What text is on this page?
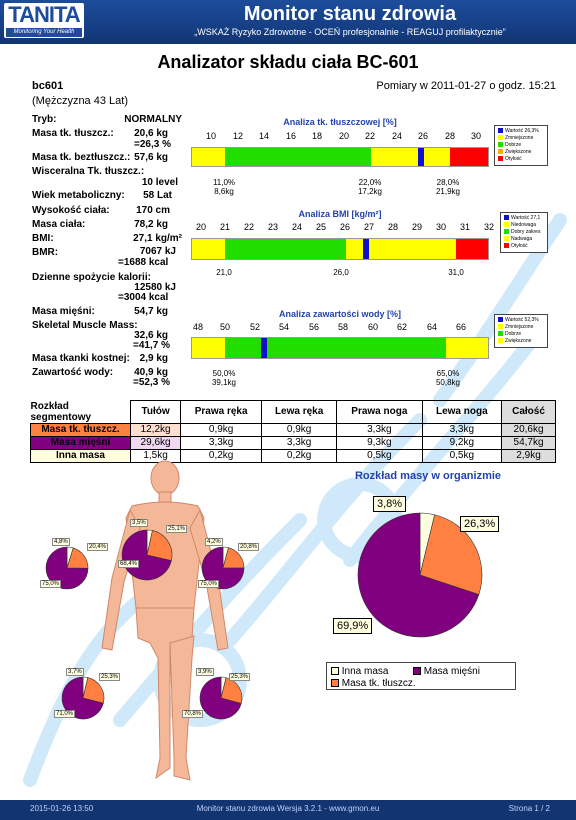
TANITA
Monitoring Your Health
Monitor stanu zdrowia
„WSKAŻ Ryzyko Zdrowotne - OCEŃ profesjonalnie - REAGUJ profilaktycznie”
Analizator składu ciała BC-601
bc601
(Mężczyzna 43 Lat)
Pomiary w 2011-01-27 o godz. 15:21
Tryb:	NORMALNY
Masa tk. tłuszcz.:	20,6 kg
=26,3 %
Masa tk. beztłuszcz.: 57,6 kg
Wisceralna Tk. tłuszcz.:
10 level
Wiek metaboliczny:	58 Lat
Wysokość ciała:	170 cm
Masa ciała:	78,2 kg
BMI:	27,1 kg/m²
BMR:	7067 kJ
=1688 kcal
Dzienne spożycie kalorii:
12580 kJ
=3004 kcal
Masa mięśni:	54,7 kg
Skeletal Muscle Mass:
32,6 kg
=41,7 %
Masa tkanki kostnej: 2,9 kg
Zawartość wody:	40,9 kg
=52,3 %
Analiza tk. tłuszczowej [%]
10	12	14	16	18	20	22	24	26	28	30
11,0%
8,6kg
22,0%
17,2kg
28,0%
21,9kg
Wartość 26,3%
Zmniejszone
Dobrze
Zwiększone
Otyłość
Analiza BMI [kg/m²]
20	21	22	23	24	25	26	27	28	29	30	31	32
21,0	26,0	31,0
Wartość 27,1
Niedowaga
Dobry zakres
Nadwaga
Otyłość
Analiza zawartości wody [%]
48	50	52	54	56	58	60	62	64	66
50,0%
39,1kg
65,0%
50,8kg
Wartość 52,3%
Zmniejszone
Dobrze
Zwiększone
Rozkład segmentowy	Tułów	Prawa ręka	Lewa ręka	Prawa noga	Lewa noga	Całość
Masa tk. tłuszcz.	12,2kg	0,9kg	0,9kg	3,3kg	3,3kg	20,6kg
Masa mięśni	29,6kg	3,3kg	3,3kg	9,3kg	9,2kg	54,7kg
Inna masa	1,5kg	0,2kg	0,2kg	0,5kg	0,5kg	2,9kg
3,5%
25,1%
68,4%
4,8%
20,4%
75,0%
4,2%
20,8%
75,0%
3,7%
25,3%
71,0%
3,9%
25,3%
70,8%
Rozkład masy w organizmie
3,8%
26,3%
69,9%
Inna masa	Masa mięśni
Masa tk. tłuszcz.
2015-01-26 13:50	Monitor stanu zdrowia Wersja 3.2.1 - www.gmon.eu	Strona 1 / 2
